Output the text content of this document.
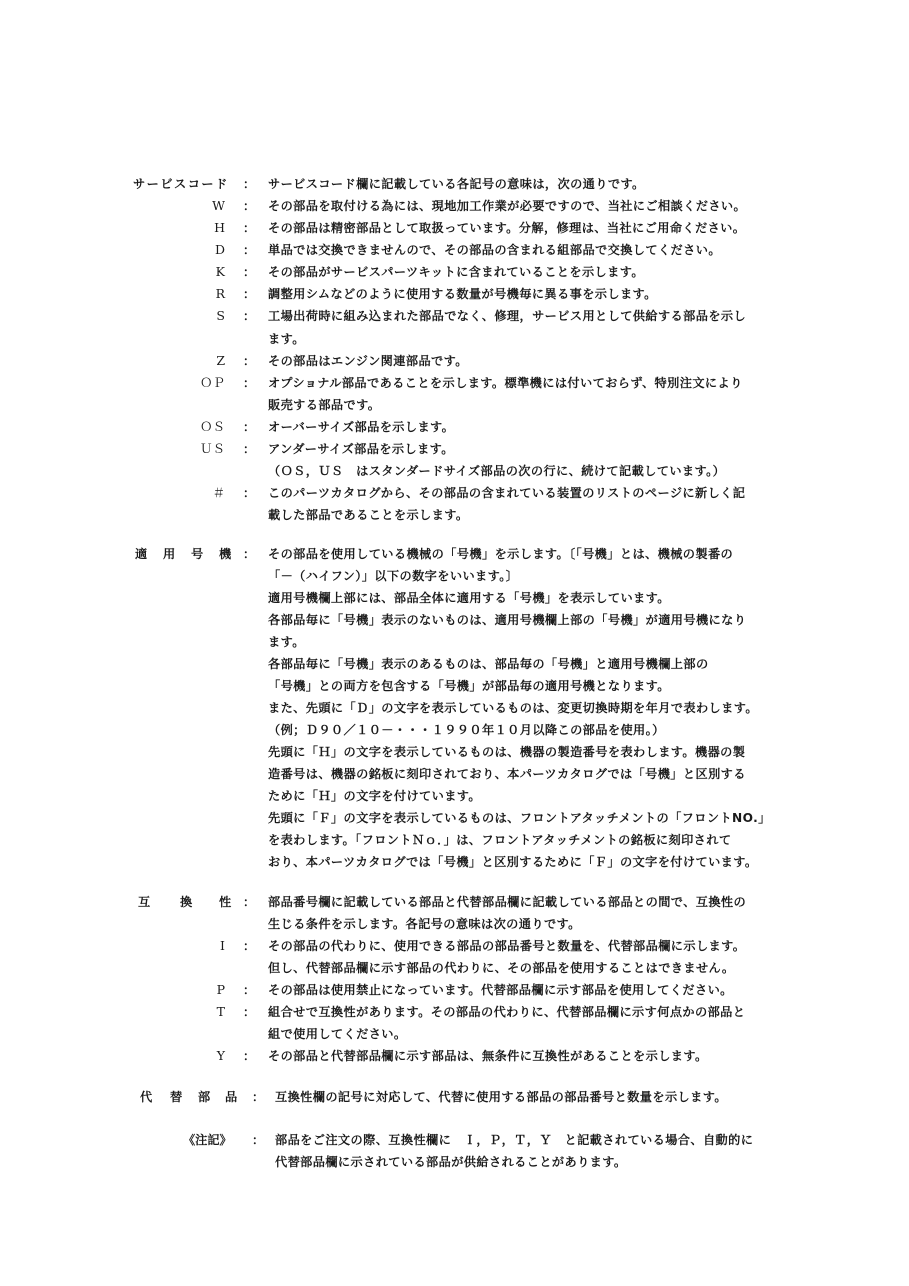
サービスコード	： サービスコード欄に記載している各記号の意味は，次の通りです。
W ： その部品を取付ける為には、現地加工作業が必要ですので、当社にご相談ください。
H ： その部品は精密部品として取扱っています。分解，修理は、当社にご用命ください。
D ： 単品では交換できませんので、その部品の含まれる組部品で交換してください。
K ： その部品がサービスパーツキットに含まれていることを示します。
R ： 調整用シムなどのように使用する数量が号機毎に異る事を示します。
S ： 工場出荷時に組み込まれた部品でなく、修理，サービス用として供給する部品を示し
ます。
Z ： その部品はエンジン関連部品です。
ＯＰ ： オプショナル部品であることを示します。標準機には付いておらず、特別注文により
販売する部品です。
ＯＳ ： オーバーサイズ部品を示します。
ＵＳ ： アンダーサイズ部品を示します。
（ＯＳ，ＵＳ　はスタンダードサイズ部品の次の行に、続けて記載しています。）
＃ ： このパーツカタログから、その部品の含まれている装置のリストのページに新しく記
載した部品であることを示します。
適 用 号 機 ： その部品を使用している機械の「号機」を示します。〔「号機」とは、機械の製番の
「－（ハイフン）」以下の数字をいいます。〕
適用号機欄上部には、部品全体に適用する「号機」を表示しています。
各部品毎に「号機」表示のないものは、適用号機欄上部の「号機」が適用号機になり
ます。
各部品毎に「号機」表示のあるものは、部品毎の「号機」と適用号機欄上部の
「号機」との両方を包含する「号機」が部品毎の適用号機となります。
また、先頭に「Ｄ」の文字を表示しているものは、変更切換時期を年月で表わします。
（例；Ｄ９０／１０－・・・１９９０年１０月以降この部品を使用。）
先頭に「Ｈ」の文字を表示しているものは、機器の製造番号を表わします。機器の製
造番号は、機器の銘板に刻印されており、本パーツカタログでは「号機」と区別する
ために「Ｈ」の文字を付けています。
先頭に「Ｆ」の文字を表示しているものは、フロントアタッチメントの「フロントNO.」
を表わします。「フロントＮｏ．」は、フロントアタッチメントの銘板に刻印されて
おり、本パーツカタログでは「号機」と区別するために「Ｆ」の文字を付けています。
互 換 性 ： 部品番号欄に記載している部品と代替部品欄に記載している部品との間で、互換性の
生じる条件を示します。各記号の意味は次の通りです。
I ： その部品の代わりに、使用できる部品の部品番号と数量を、代替部品欄に示します。
但し、代替部品欄に示す部品の代わりに、その部品を使用することはできません。
P ： その部品は使用禁止になっています。代替部品欄に示す部品を使用してください。
T ： 組合せで互換性があります。その部品の代わりに、代替部品欄に示す何点かの部品と
組で使用してください。
Y ： その部品と代替部品欄に示す部品は、無条件に互換性があることを示します。
代 替 部 品 ： 互換性欄の記号に対応して、代替に使用する部品の部品番号と数量を示します。
《注記》 ： 部品をご注文の際、互換性欄に　Ｉ，Ｐ，Ｔ，Ｙ　と記載されている場合、自動的に
代替部品欄に示されている部品が供給されることがあります。
